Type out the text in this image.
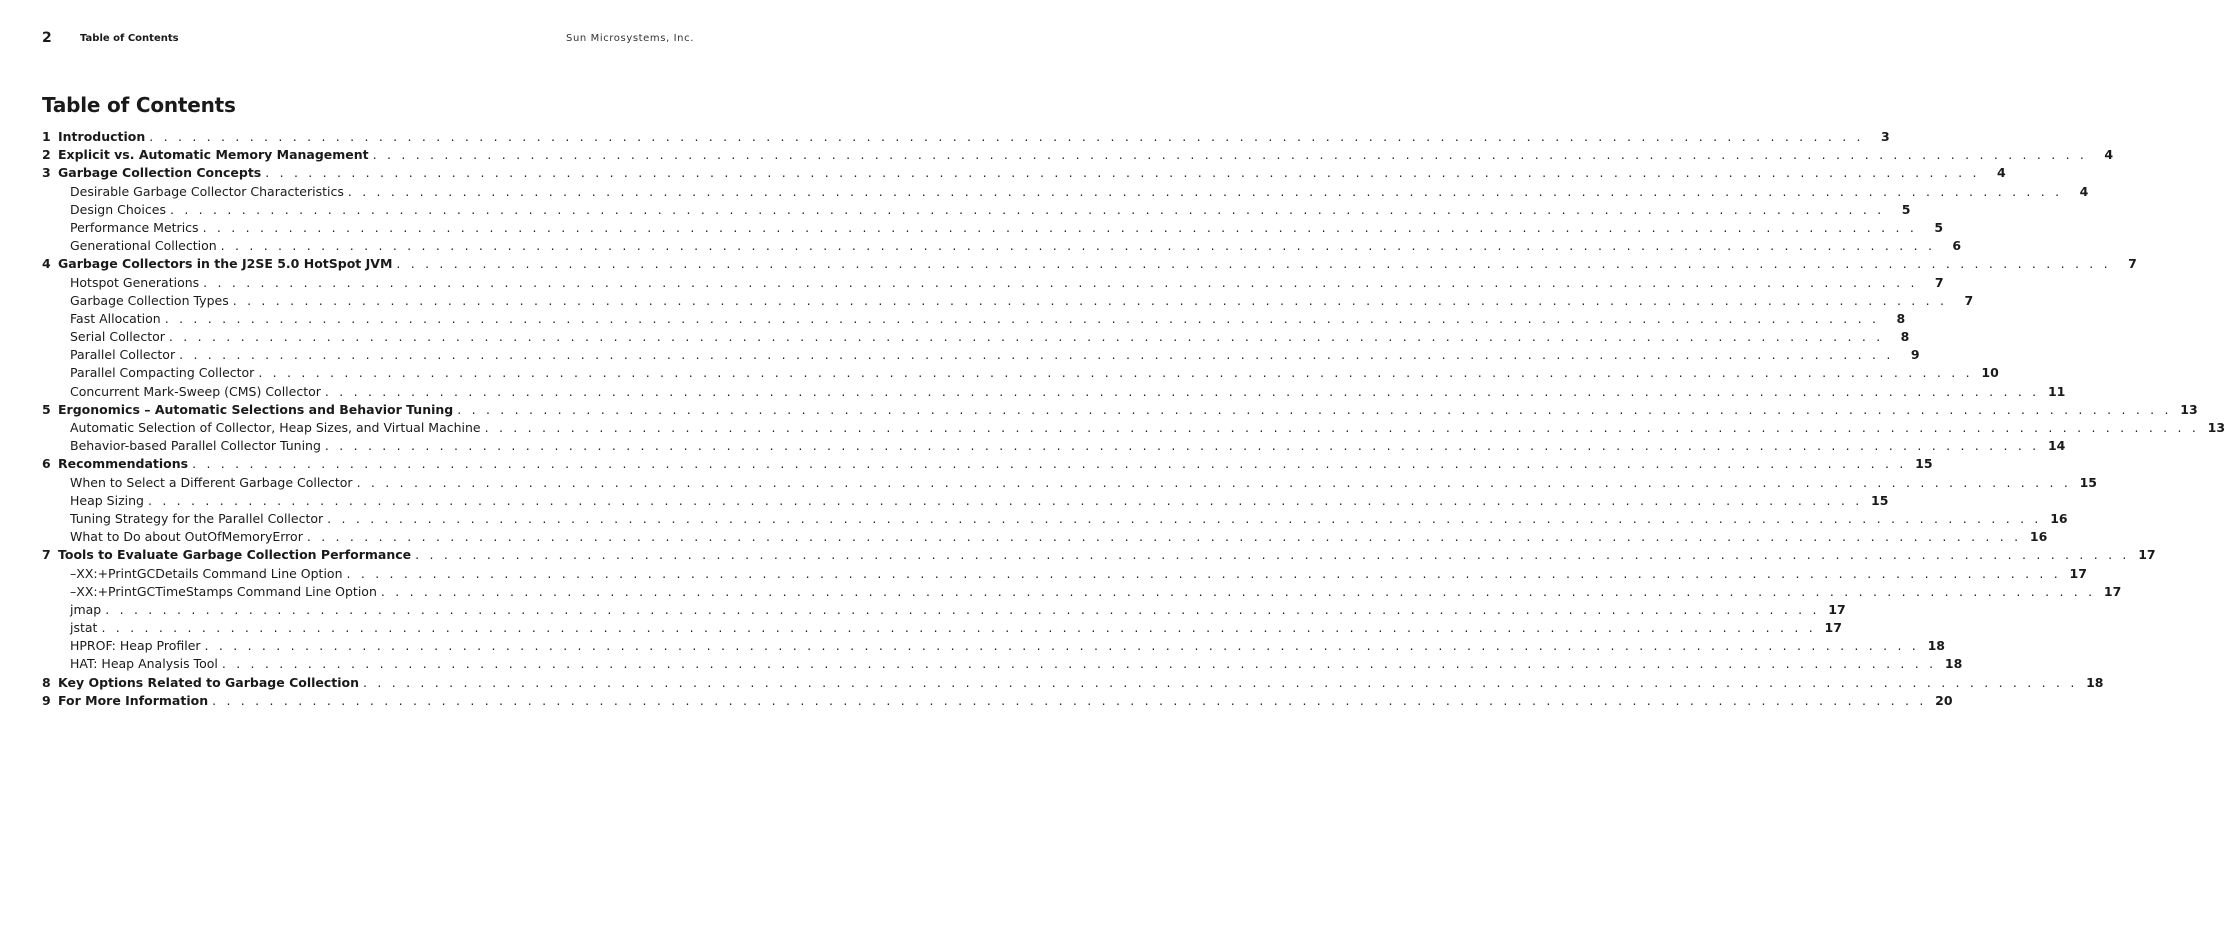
2	Table of Contents	Sun Microsystems, Inc.
Table of Contents
1 Introduction . . . . . . . . . . . . . . . . . . . . . . . . . . . . . . . . . . . . . . . . . . . . . . . . . . . . . . . . . . . . . . . . . . . . . . . . . . . . . . . . . . . . . . . . . . . . . . . . . . . . . . . . . . . . . . . . . . . . . . . .	3
2 Explicit vs. Automatic Memory Management . . . . . . . . . . . . . . . . . . . . . . . . . . . . . . . . . . . . . . . . . . . . . . . . . . . . . . . . . . . . . . . . . . . . . . . . . . . . . . . . . . . . . . . . . . . . . . . . . . . . . . . . . . . . . . . . . . . . . . . .	4
3 Garbage Collection Concepts . . . . . . . . . . . . . . . . . . . . . . . . . . . . . . . . . . . . . . . . . . . . . . . . . . . . . . . . . . . . . . . . . . . . . . . . . . . . . . . . . . . . . . . . . . . . . . . . . . . . . . . . . . . . . . . . . . . . . . . .	4
Desirable Garbage Collector Characteristics . . . . . . . . . . . . . . . . . . . . . . . . . . . . . . . . . . . . . . . . . . . . . . . . . . . . . . . . . . . . . . . . . . . . . . . . . . . . . . . . . . . . . . . . . . . . . . . . . . . . . . . . . . . . . . . . . . . . . . . .	4
Design Choices . . . . . . . . . . . . . . . . . . . . . . . . . . . . . . . . . . . . . . . . . . . . . . . . . . . . . . . . . . . . . . . . . . . . . . . . . . . . . . . . . . . . . . . . . . . . . . . . . . . . . . . . . . . . . . . . . . . . . . . .	5
Performance Metrics . . . . . . . . . . . . . . . . . . . . . . . . . . . . . . . . . . . . . . . . . . . . . . . . . . . . . . . . . . . . . . . . . . . . . . . . . . . . . . . . . . . . . . . . . . . . . . . . . . . . . . . . . . . . . . . . . . . . . . . .	5
Generational Collection . . . . . . . . . . . . . . . . . . . . . . . . . . . . . . . . . . . . . . . . . . . . . . . . . . . . . . . . . . . . . . . . . . . . . . . . . . . . . . . . . . . . . . . . . . . . . . . . . . . . . . . . . . . . . . . . . . . . . . . .	6
4 Garbage Collectors in the J2SE 5.0 HotSpot JVM . . . . . . . . . . . . . . . . . . . . . . . . . . . . . . . . . . . . . . . . . . . . . . . . . . . . . . . . . . . . . . . . . . . . . . . . . . . . . . . . . . . . . . . . . . . . . . . . . . . . . . . . . . . . . . . . . . . . . . . .	7
Hotspot Generations . . . . . . . . . . . . . . . . . . . . . . . . . . . . . . . . . . . . . . . . . . . . . . . . . . . . . . . . . . . . . . . . . . . . . . . . . . . . . . . . . . . . . . . . . . . . . . . . . . . . . . . . . . . . . . . . . . . . . . . .	7
Garbage Collection Types . . . . . . . . . . . . . . . . . . . . . . . . . . . . . . . . . . . . . . . . . . . . . . . . . . . . . . . . . . . . . . . . . . . . . . . . . . . . . . . . . . . . . . . . . . . . . . . . . . . . . . . . . . . . . . . . . . . . . . . .	7
Fast Allocation . . . . . . . . . . . . . . . . . . . . . . . . . . . . . . . . . . . . . . . . . . . . . . . . . . . . . . . . . . . . . . . . . . . . . . . . . . . . . . . . . . . . . . . . . . . . . . . . . . . . . . . . . . . . . . . . . . . . . . . .	8
Serial Collector . . . . . . . . . . . . . . . . . . . . . . . . . . . . . . . . . . . . . . . . . . . . . . . . . . . . . . . . . . . . . . . . . . . . . . . . . . . . . . . . . . . . . . . . . . . . . . . . . . . . . . . . . . . . . . . . . . . . . . . .	8
Parallel Collector . . . . . . . . . . . . . . . . . . . . . . . . . . . . . . . . . . . . . . . . . . . . . . . . . . . . . . . . . . . . . . . . . . . . . . . . . . . . . . . . . . . . . . . . . . . . . . . . . . . . . . . . . . . . . . . . . . . . . . . .	9
Parallel Compacting Collector . . . . . . . . . . . . . . . . . . . . . . . . . . . . . . . . . . . . . . . . . . . . . . . . . . . . . . . . . . . . . . . . . . . . . . . . . . . . . . . . . . . . . . . . . . . . . . . . . . . . . . . . . . . . . . . . . . . . . . . . 10
Concurrent Mark-Sweep (CMS) Collector . . . . . . . . . . . . . . . . . . . . . . . . . . . . . . . . . . . . . . . . . . . . . . . . . . . . . . . . . . . . . . . . . . . . . . . . . . . . . . . . . . . . . . . . . . . . . . . . . . . . . . . . . . . . . . . . . . . . . . . . 11
5 Ergonomics – Automatic Selections and Behavior Tuning . . . . . . . . . . . . . . . . . . . . . . . . . . . . . . . . . . . . . . . . . . . . . . . . . . . . . . . . . . . . . . . . . . . . . . . . . . . . . . . . . . . . . . . . . . . . . . . . . . . . . . . . . . . . . . . . . . . . . . . . 13
Automatic Selection of Collector, Heap Sizes, and Virtual Machine . . . . . . . . . . . . . . . . . . . . . . . . . . . . . . . . . . . . . . . . . . . . . . . . . . . . . . . . . . . . . . . . . . . . . . . . . . . . . . . . . . . . . . . . . . . . . . . . . . . . . . . . . . . . . . . . . . . . . . . . 13
Behavior-based Parallel Collector Tuning . . . . . . . . . . . . . . . . . . . . . . . . . . . . . . . . . . . . . . . . . . . . . . . . . . . . . . . . . . . . . . . . . . . . . . . . . . . . . . . . . . . . . . . . . . . . . . . . . . . . . . . . . . . . . . . . . . . . . . . . 14
6 Recommendations . . . . . . . . . . . . . . . . . . . . . . . . . . . . . . . . . . . . . . . . . . . . . . . . . . . . . . . . . . . . . . . . . . . . . . . . . . . . . . . . . . . . . . . . . . . . . . . . . . . . . . . . . . . . . . . . . . . . . . . . 15
When to Select a Different Garbage Collector . . . . . . . . . . . . . . . . . . . . . . . . . . . . . . . . . . . . . . . . . . . . . . . . . . . . . . . . . . . . . . . . . . . . . . . . . . . . . . . . . . . . . . . . . . . . . . . . . . . . . . . . . . . . . . . . . . . . . . . . 15
Heap Sizing . . . . . . . . . . . . . . . . . . . . . . . . . . . . . . . . . . . . . . . . . . . . . . . . . . . . . . . . . . . . . . . . . . . . . . . . . . . . . . . . . . . . . . . . . . . . . . . . . . . . . . . . . . . . . . . . . . . . . . . . 15
Tuning Strategy for the Parallel Collector . . . . . . . . . . . . . . . . . . . . . . . . . . . . . . . . . . . . . . . . . . . . . . . . . . . . . . . . . . . . . . . . . . . . . . . . . . . . . . . . . . . . . . . . . . . . . . . . . . . . . . . . . . . . . . . . . . . . . . . . 16
What to Do about OutOfMemoryError . . . . . . . . . . . . . . . . . . . . . . . . . . . . . . . . . . . . . . . . . . . . . . . . . . . . . . . . . . . . . . . . . . . . . . . . . . . . . . . . . . . . . . . . . . . . . . . . . . . . . . . . . . . . . . . . . . . . . . . . 16
7 Tools to Evaluate Garbage Collection Performance . . . . . . . . . . . . . . . . . . . . . . . . . . . . . . . . . . . . . . . . . . . . . . . . . . . . . . . . . . . . . . . . . . . . . . . . . . . . . . . . . . . . . . . . . . . . . . . . . . . . . . . . . . . . . . . . . . . . . . . . 17
–XX:+PrintGCDetails Command Line Option . . . . . . . . . . . . . . . . . . . . . . . . . . . . . . . . . . . . . . . . . . . . . . . . . . . . . . . . . . . . . . . . . . . . . . . . . . . . . . . . . . . . . . . . . . . . . . . . . . . . . . . . . . . . . . . . . . . . . . . . 17
–XX:+PrintGCTimeStamps Command Line Option . . . . . . . . . . . . . . . . . . . . . . . . . . . . . . . . . . . . . . . . . . . . . . . . . . . . . . . . . . . . . . . . . . . . . . . . . . . . . . . . . . . . . . . . . . . . . . . . . . . . . . . . . . . . . . . . . . . . . . . . 17
jmap . . . . . . . . . . . . . . . . . . . . . . . . . . . . . . . . . . . . . . . . . . . . . . . . . . . . . . . . . . . . . . . . . . . . . . . . . . . . . . . . . . . . . . . . . . . . . . . . . . . . . . . . . . . . . . . . . . . . . . . . 17
jstat . . . . . . . . . . . . . . . . . . . . . . . . . . . . . . . . . . . . . . . . . . . . . . . . . . . . . . . . . . . . . . . . . . . . . . . . . . . . . . . . . . . . . . . . . . . . . . . . . . . . . . . . . . . . . . . . . . . . . . . . 17
HPROF: Heap Profiler . . . . . . . . . . . . . . . . . . . . . . . . . . . . . . . . . . . . . . . . . . . . . . . . . . . . . . . . . . . . . . . . . . . . . . . . . . . . . . . . . . . . . . . . . . . . . . . . . . . . . . . . . . . . . . . . . . . . . . . . 18
HAT: Heap Analysis Tool . . . . . . . . . . . . . . . . . . . . . . . . . . . . . . . . . . . . . . . . . . . . . . . . . . . . . . . . . . . . . . . . . . . . . . . . . . . . . . . . . . . . . . . . . . . . . . . . . . . . . . . . . . . . . . . . . . . . . . . . 18
8 Key Options Related to Garbage Collection . . . . . . . . . . . . . . . . . . . . . . . . . . . . . . . . . . . . . . . . . . . . . . . . . . . . . . . . . . . . . . . . . . . . . . . . . . . . . . . . . . . . . . . . . . . . . . . . . . . . . . . . . . . . . . . . . . . . . . . . 18
9 For More Information . . . . . . . . . . . . . . . . . . . . . . . . . . . . . . . . . . . . . . . . . . . . . . . . . . . . . . . . . . . . . . . . . . . . . . . . . . . . . . . . . . . . . . . . . . . . . . . . . . . . . . . . . . . . . . . . . . . . . . . . 20
